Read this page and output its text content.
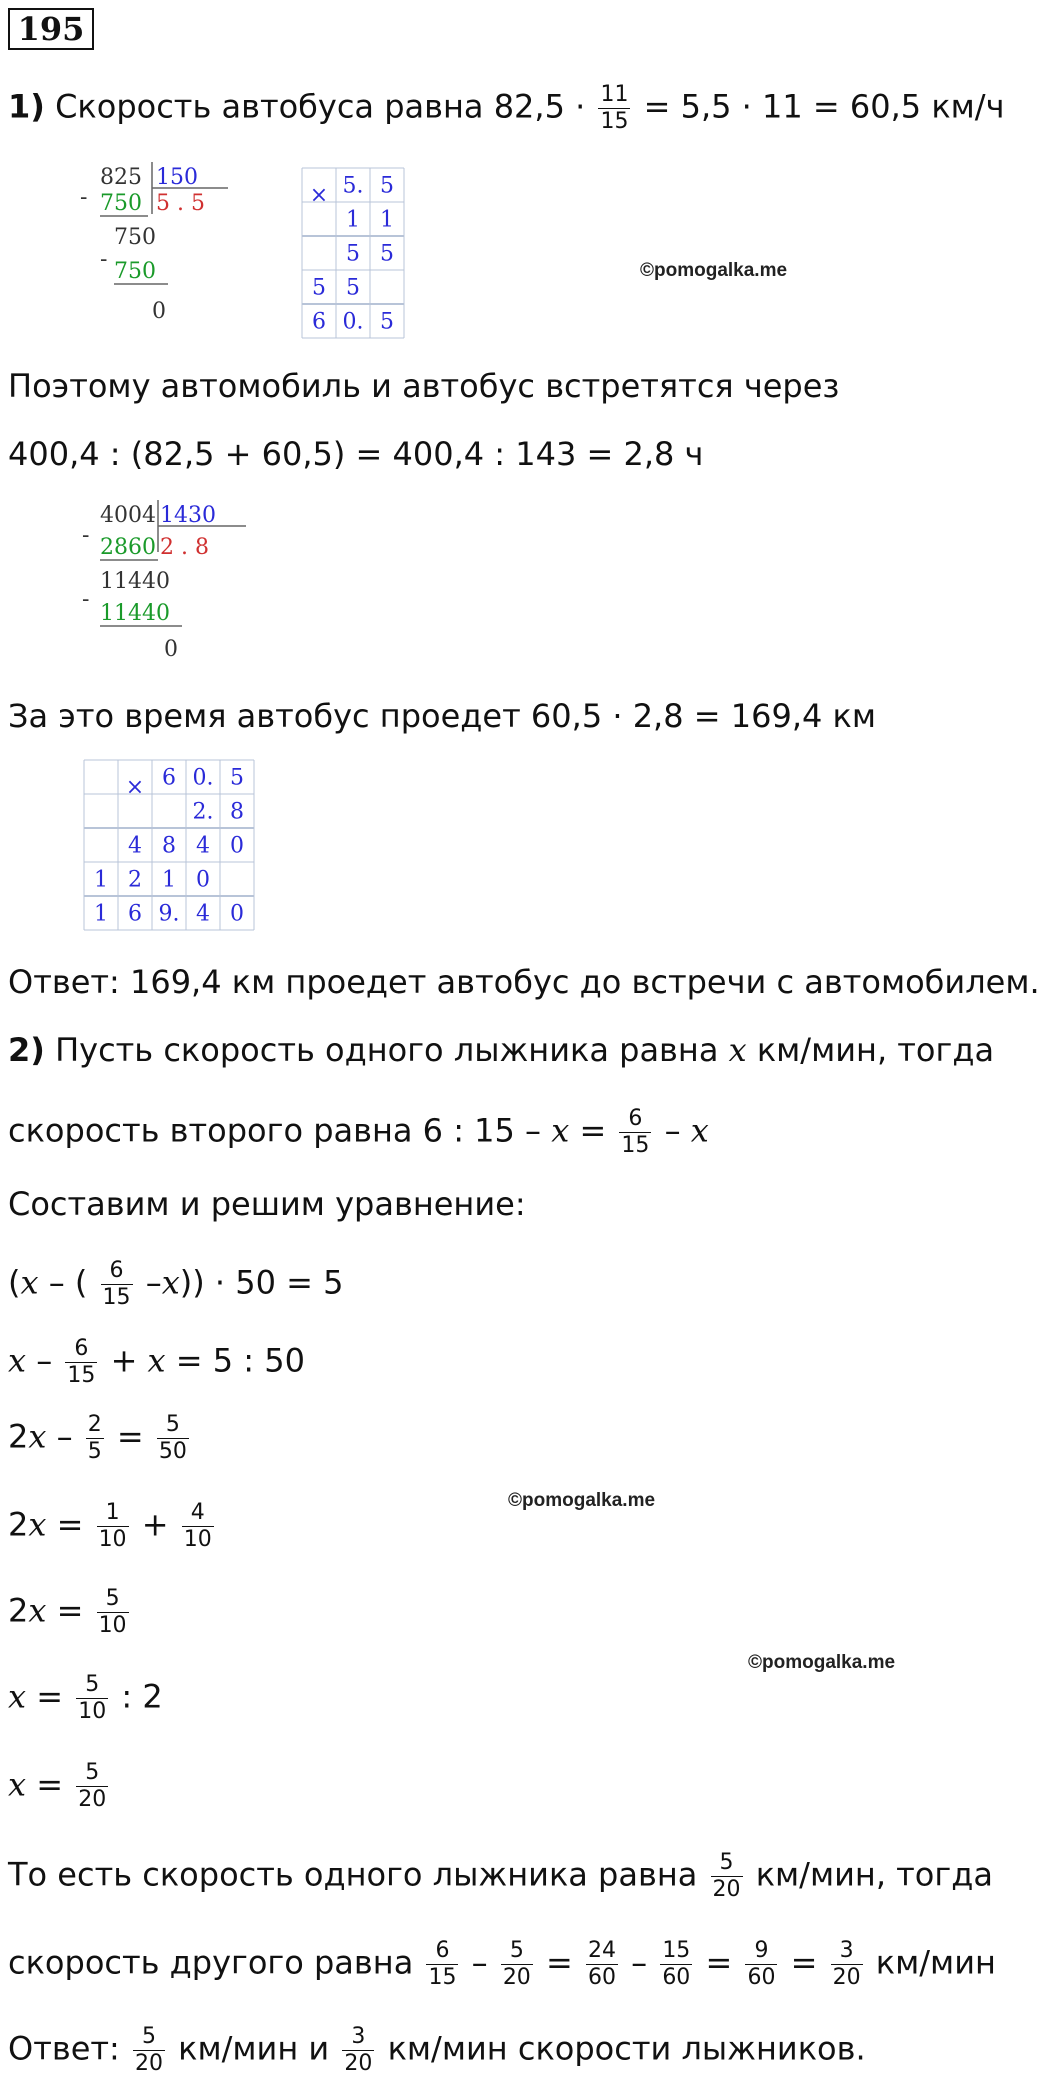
195
1) Скорость автобуса равна $82,5 \cdot \frac{11}{15} = 5,5 \cdot 11 = 60,5$ км/ч
825 150
- 750 5 . 5
750
- 750
0
5. 5
×
1 1
5 5
5 5
6 0. 5
©pomogalka.me
Поэтому автомобиль и автобус встретятся через
400,4 : (82,5 + 60,5) = 400,4 : 143 = 2,8 ч
4004 1430
- 2860 2 . 8
11440
-
11440
0
За это время автобус проедет 60,5 · 2,8 = 169,4 км
6 0. 5
×
2. 8
4 8 4 0
1 2 1 0
1 6 9. 4 0
Ответ: 169,4 км проедет автобус до встречи с автомобилем.
2) Пусть скорость одного лыжника равна x км/мин, тогда
скорость второго равна 6 : $15 - x = \frac{6}{15} - x$
Составим и решим уравнение:
(x – ( $\frac{6}{15} -x)) \cdot 50 = 5$
$x - \frac{6}{15} + x = 5$ : 50
$2x - \frac{2}{5} = \frac{5}{50}$
$2x = \frac{1}{10} + \frac{4}{10}$
$2x = \frac{5}{10}$
©pomogalka.me
©pomogalka.me
$x = \frac{5}{10}$ : 2
$x = \frac{5}{20}$
То есть скорость одного лыжника равна $\frac{5}{20} км/мин$, тогда
скорость другого равна $\frac{6}{15} - \frac{5}{20} = \frac{24}{60} - \frac{15}{60} = \frac{9}{60} = \frac{3}{20} км/мин$
Ответ: $\frac{5}{20} км/мин$ и $\frac{3}{20} км/мин$ скорости лыжников.
